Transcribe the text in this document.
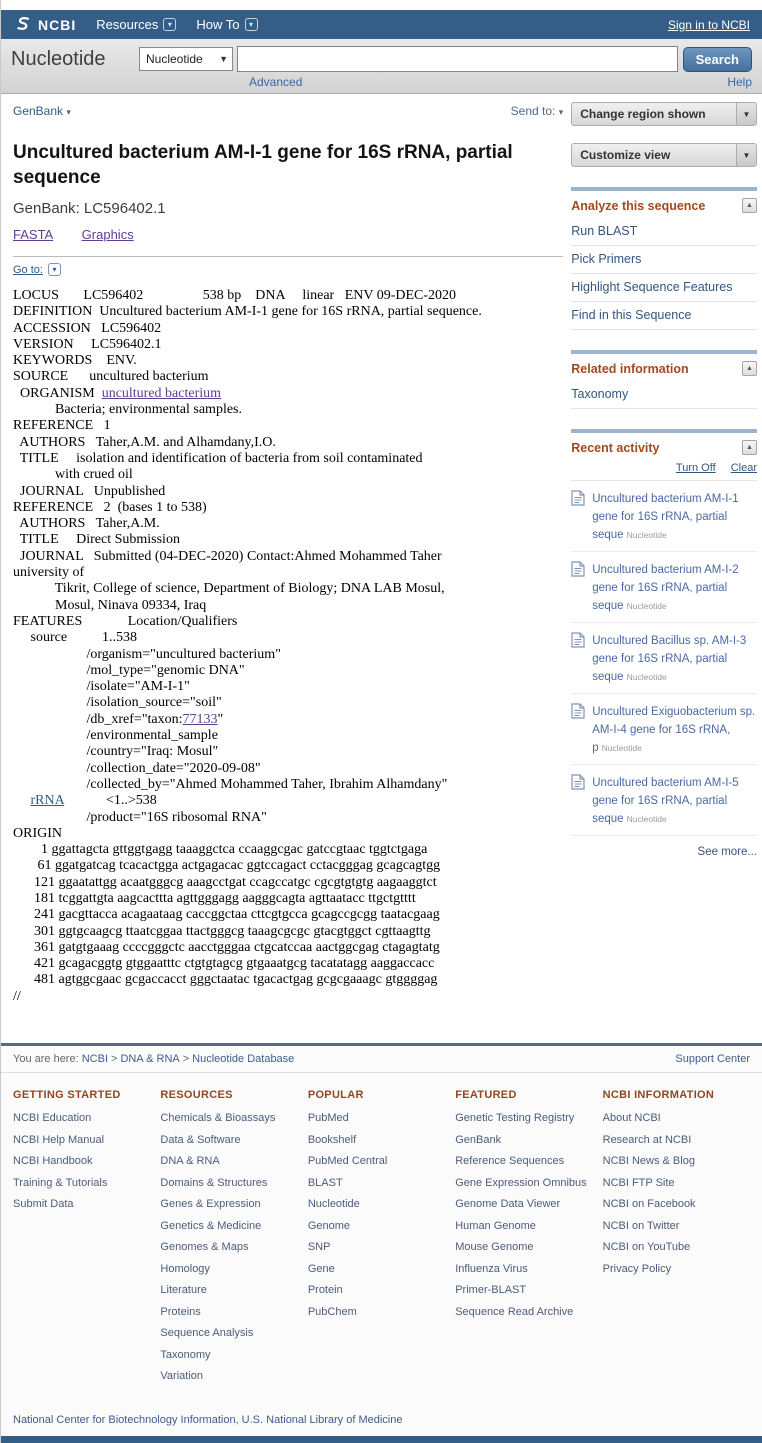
NCBI Resources	▾	How To	▾	Sign in to NCBI
Nucleotide	Nucleotide ▼	Search
Advanced	Help
GenBank ▾	Send to: ▾
Uncultured bacterium AM-I-1 gene for 16S rRNA, partial sequence
GenBank: LC596402.1
FASTA Graphics
Go to:	▾
LOCUS       LC596402                 538 bp    DNA     linear   ENV 09-DEC-2020
DEFINITION  Uncultured bacterium AM-I-1 gene for 16S rRNA, partial sequence.
ACCESSION   LC596402
VERSION     LC596402.1
KEYWORDS    ENV.
SOURCE      uncultured bacterium
ORGANISM  uncultured bacterium
Bacteria; environmental samples.
REFERENCE   1
AUTHORS   Taher,A.M. and Alhamdany,I.O.
TITLE     isolation and identification of bacteria from soil contaminated
with crued oil
JOURNAL   Unpublished
REFERENCE   2  (bases 1 to 538)
AUTHORS   Taher,A.M.
TITLE     Direct Submission
JOURNAL   Submitted (04-DEC-2020) Contact:Ahmed Mohammed Taher
university of
Tikrit, College of science, Department of Biology; DNA LAB Mosul,
Mosul, Ninava 09334, Iraq
FEATURES             Location/Qualifiers
source          1..538
/organism="uncultured bacterium"
/mol_type="genomic DNA"
/isolate="AM-I-1"
/isolation_source="soil"
/db_xref="taxon:77133"
/environmental_sample
/country="Iraq: Mosul"
/collection_date="2020-09-08"
/collected_by="Ahmed Mohammed Taher, Ibrahim Alhamdany"
rRNA            <1..>538
/product="16S ribosomal RNA"
ORIGIN
1 ggattagcta gttggtgagg taaaggctca ccaaggcgac gatccgtaac tggtctgaga
61 ggatgatcag tcacactgga actgagacac ggtccagact cctacgggag gcagcagtgg
121 ggaatattgg acaatgggcg aaagcctgat ccagccatgc cgcgtgtgtg aagaaggtct
181 tcggattgta aagcacttta agttgggagg aagggcagta agttaatacc ttgctgtttt
241 gacgttacca acagaataag caccggctaa cttcgtgcca gcagccgcgg taatacgaag
301 ggtgcaagcg ttaatcggaa ttactgggcg taaagcgcgc gtacgtggct cgttaagttg
361 gatgtgaaag ccccgggctc aacctgggaa ctgcatccaa aactggcgag ctagagtatg
421 gcagacggtg gtggaatttc ctgtgtagcg gtgaaatgcg tacatatagg aaggaccacc
481 agtggcgaac gcgaccacct gggctaatac tgacactgag gcgcgaaagc gtggggag
//
Change region shown	▼
Customize view	▼
Analyze this sequence	▲
Run BLAST
Pick Primers
Highlight Sequence Features
Find in this Sequence
Related information	▲
Taxonomy
Recent activity	▲
Turn Off Clear
Uncultured bacterium AM-I-1 gene for 16S rRNA, partial seque Nucleotide
Uncultured bacterium AM-I-2 gene for 16S rRNA, partial seque Nucleotide
Uncultured Bacillus sp. AM-I-3 gene for 16S rRNA, partial seque Nucleotide
Uncultured Exiguobacterium sp. AM-I-4 gene for 16S rRNA, p Nucleotide
Uncultured bacterium AM-I-5 gene for 16S rRNA, partial seque Nucleotide
See more...
You are here: NCBI > DNA & RNA > Nucleotide Database	Support Center
GETTING STARTED
NCBI Education
NCBI Help Manual
NCBI Handbook
Training & Tutorials
Submit Data
RESOURCES
Chemicals & Bioassays
Data & Software
DNA & RNA
Domains & Structures
Genes & Expression
Genetics & Medicine
Genomes & Maps
Homology
Literature
Proteins
Sequence Analysis
Taxonomy
Variation
POPULAR
PubMed
Bookshelf
PubMed Central
BLAST
Nucleotide
Genome
SNP
Gene
Protein
PubChem
FEATURED
Genetic Testing Registry
GenBank
Reference Sequences
Gene Expression Omnibus
Genome Data Viewer
Human Genome
Mouse Genome
Influenza Virus
Primer-BLAST
Sequence Read Archive
NCBI INFORMATION
About NCBI
Research at NCBI
NCBI News & Blog
NCBI FTP Site
NCBI on Facebook
NCBI on Twitter
NCBI on YouTube
Privacy Policy
National Center for Biotechnology Information, U.S. National Library of Medicine
